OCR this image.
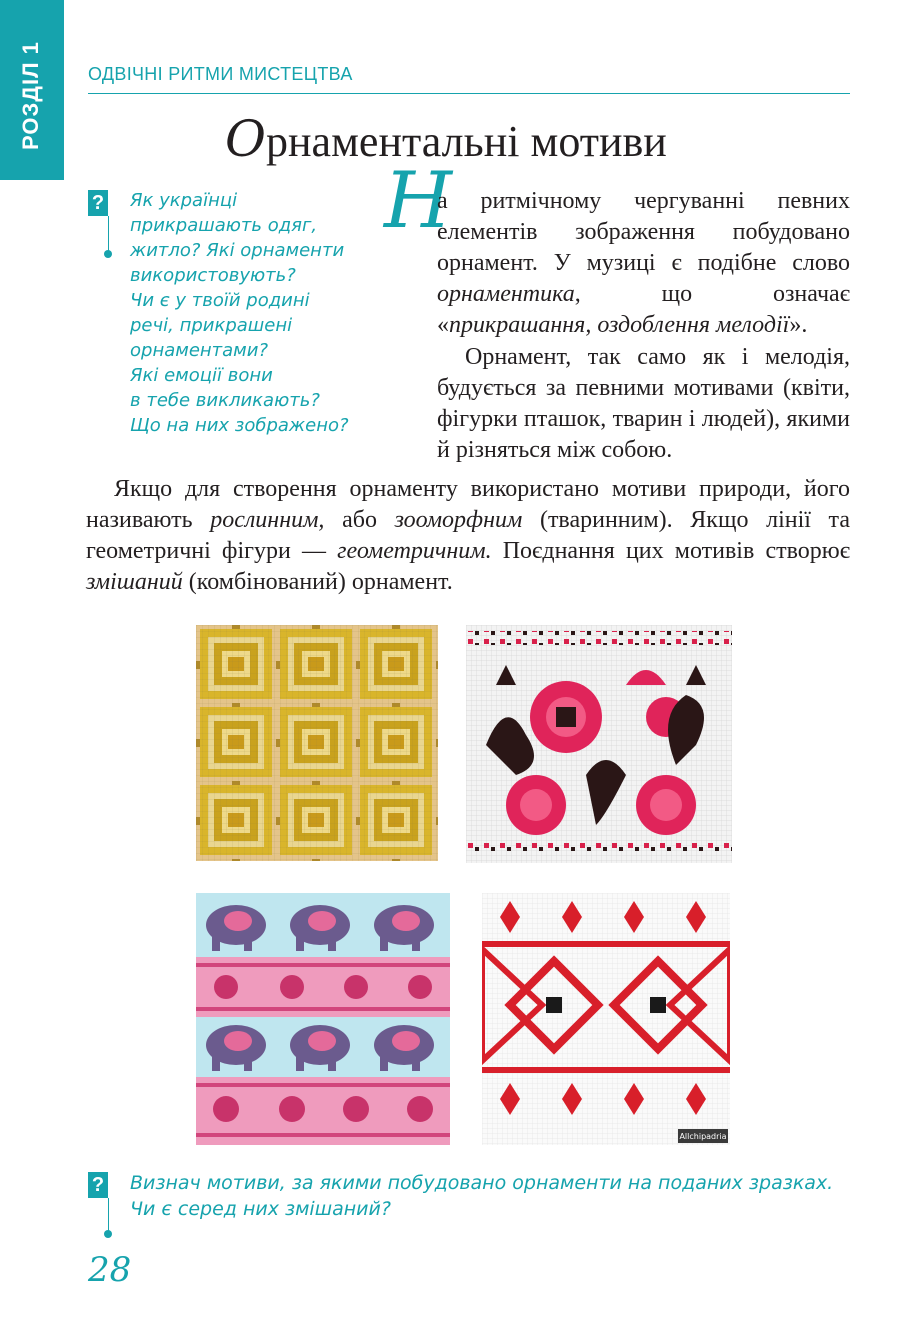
РОЗДІЛ 1	ОДВІЧНІ РИТМИ МИСТЕЦТВА
Орнаментальні мотиви
? Як українці
прикрашають одяг,
житло? Які орнаменти
використовують?
Чи є у твоїй родині
речі, прикрашені
орнаментами?
Які емоції вони
в тебе викликають?
Що на них зображено?
Н
а ритмічному чергуванні певних елементів зображення побудовано орнамент. У музиці є подібне слово орнаментика, що означає «прикрашання, оздоблення мелодії».
Орнамент, так само як і мелодія, будується за певними мотивами (квіти, фігурки пташок, тварин і людей), якими й різняться між собою.
Якщо для створення орнаменту використано мотиви природи, його називають рослинним, або зооморфним (тваринним). Якщо лінії та геометричні фігури — геометричним. Поєднання цих мотивів створює змішаний (комбінований) орнамент.
Allchipadria
? Визнач мотиви, за якими побудовано орнаменти на поданих зразках. Чи є серед них змішаний?
28
